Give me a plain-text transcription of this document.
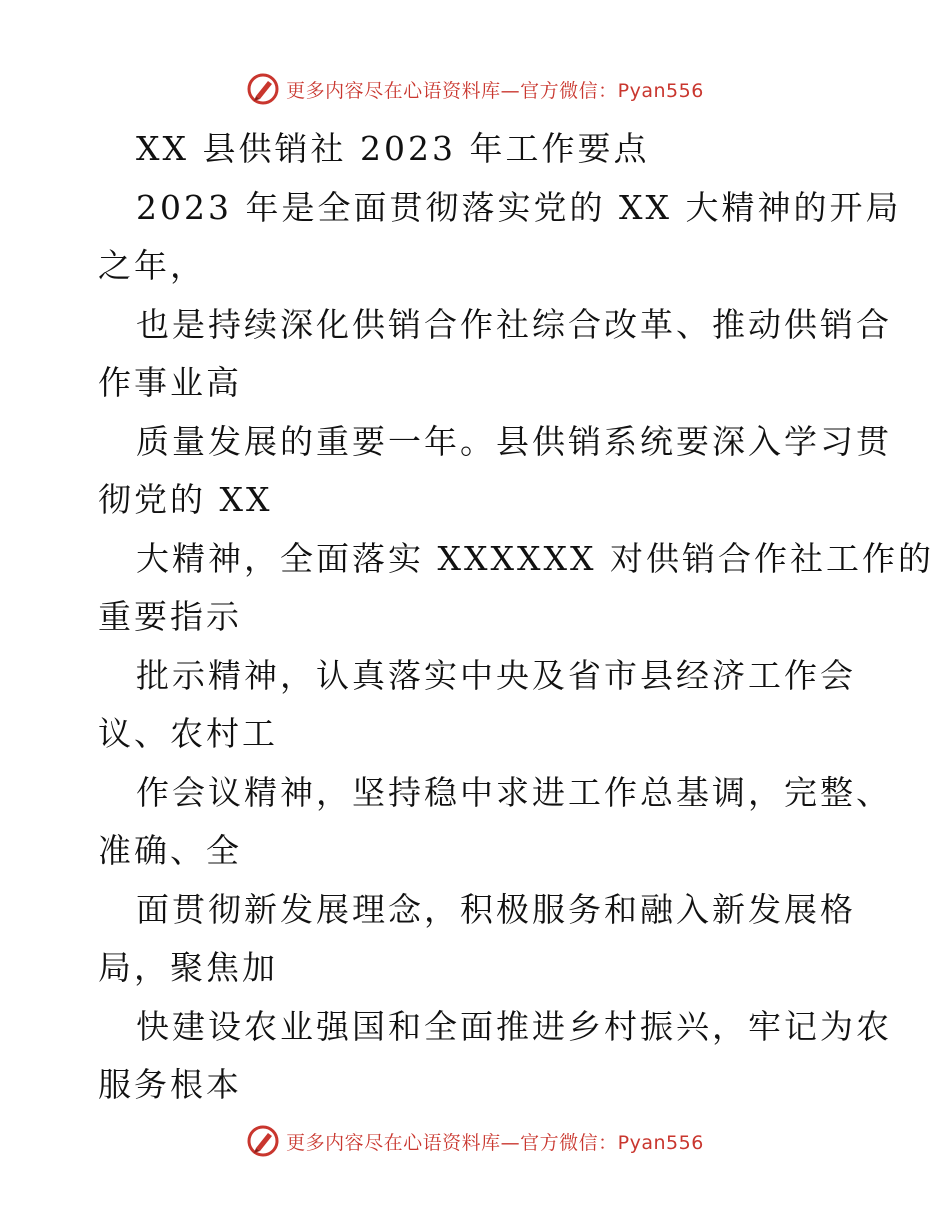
更多内容尽在心语资料库—官方微信：Pyan556
XX 县供销社 2023 年工作要点
2023 年是全面贯彻落实党的 XX 大精神的开局
之年，
也是持续深化供销合作社综合改革、推动供销合
作事业高
质量发展的重要一年。县供销系统要深入学习贯
彻党的 XX
大精神，全面落实 XXXXXX 对供销合作社工作的
重要指示
批示精神，认真落实中央及省市县经济工作会
议、农村工
作会议精神，坚持稳中求进工作总基调，完整、
准确、全
面贯彻新发展理念，积极服务和融入新发展格
局，聚焦加
快建设农业强国和全面推进乡村振兴，牢记为农
服务根本
更多内容尽在心语资料库—官方微信：Pyan556
